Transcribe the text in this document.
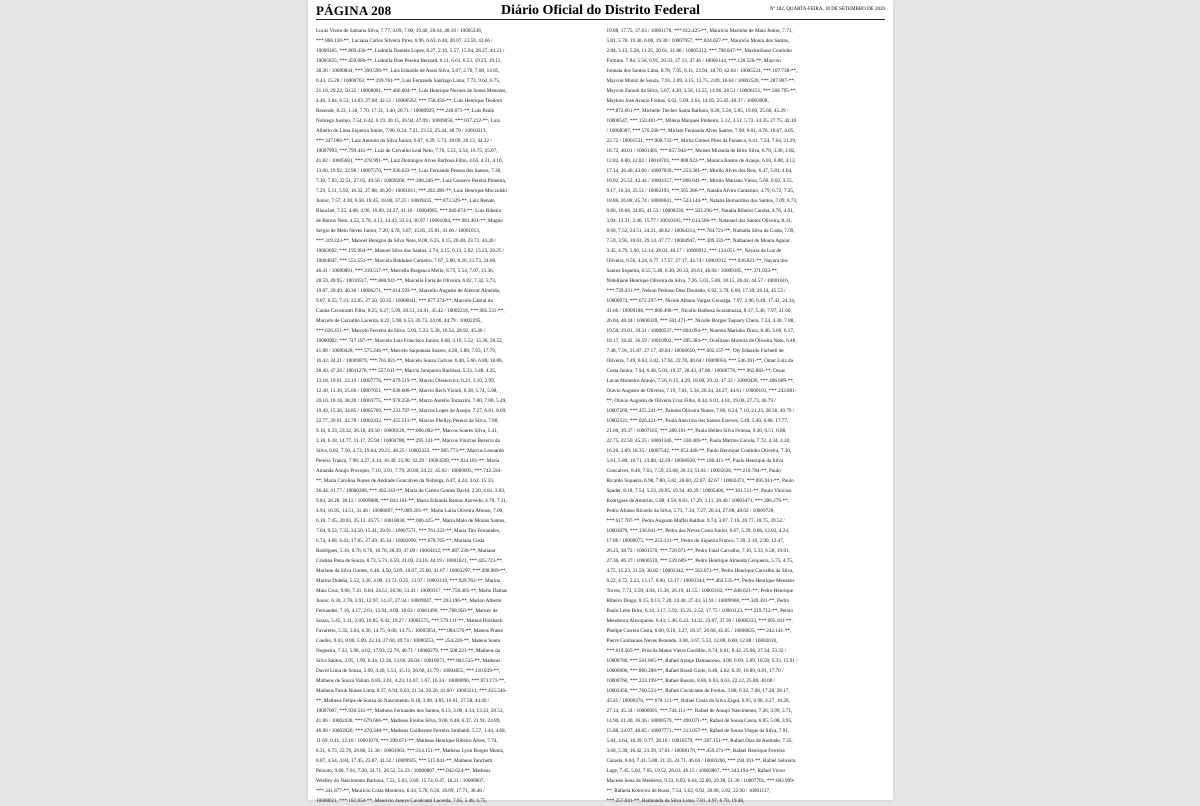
PÁGINA 208	Diário Oficial do Distrito Federal	Nº 182, QUARTA-FEIRA, 30 DE SETEMBRO DE 2020
Lucas Vieira de Santana Silva, 7.77, 4.69, 7.00, 19.46, 28.64, 48.10 / 10005338,
***.868.130-**, Luciana Carlos Silveira Pires, 6.96, 6.63, 6.48, 20.07, 23.59, 43.66 /
10008265, ***.869.436-**, Ludmila Daniele Lopes, 8.27, 2.10, 5.57, 15.94, 28.27, 44.21 /
10005825, ***.459.086-**, Ludmila Dias Pereira Bernard, 6.11, 6.61, 6.53, 19.25, 19.11,
38.36 / 10000834, ***.390.596-**, Luis Eduardo de Assis Silva, 5.07, 2.70, 7.08, 14.85,
0.43, 15.28 / 10000763, ***.399.761-**, Luis Fernando Santiago Lima, 7.73, 9.62, 6.75,
21.10, 29.22, 50.32 / 10008001, ***.466.004-**, Luis Henrique Novaes de Sousa Menezes,
4.46, 3.84, 6.53, 14.83, 27.68, 42.51 / 10006562, ***.758.456-**, Luis Henrique Teodoro
Rezende, 8.23, 1.38, 7.70, 17.31, 3.40, 20.71 / 10000929, ***.240.671-**, Luis Paulo
Nobrega Justino, 7.54, 6.42, 6.19, 20.15, 26.94, 47.09 / 10009058, ***.037.212-**, Luiz
Alberto de Lima Siqueira Junior, 7.90, 8.24, 7.21, 23.35, 25.44, 48.79 / 10010313,
***.347.086-**, Luiz Antonio da Silva Junior, 6.07, 6.29, 5.73, 18.09, 26.13, 44.22 /
10007993, ***.799.441-**, Luiz de Carvalho Leal Neto, 7.70, 5.51, 3.54, 16.75, 25.07,
41.82 / 10005681, ***.478.991-**, Luiz Domingos Alves Barbosa Filho, 4.65, 4.31, 4.10,
13.06, 19.92, 32.98 / 10007570, ***.936.622-**, Luiz Fernando Pessoa dos Santos, 7.38,
7.30, 7.83, 22.51, 27.05, 49.56 / 10009260, ***.208.246-**, Luiz Gustavo Pereira Pimenta,
7.29, 5.11, 5.92, 18.32, 27.88, 46.20 / 10001811, ***.202.490-**, Luiz Henrique Moczulski
Junior, 7.57, 4.30, 6.58, 18.45, 18.80, 37.25 / 10009435, ***.873.329-**, Luiz Renato
Blanchet, 7.25, 4.68, 4.96, 16.89, 24.27, 41.16 / 10004905, ***.940.874-**, Luiz Ribeiro
de Barros Neto, 4.52, 5.78, 4.13, 14.43, 22.54, 36.97 / 10001084, ***.981.401-**, Magno
Sergio de Melo Neves Junior, 7.20, 4.78, 3.87, 15.85, 25.81, 41.66 / 10001013,
***.319.223-**, Manoel Benigno da Silva Neto, 8.08, 6.25, 6.15, 20.48, 23.72, 44.20 /
10003692, ***.195.904-**, Manoel Silva dos Santos, 2.74, 2.15, 0.13, 5.02, 15.23, 20.25 /
10004047, ***.551.551-**, Marcela Balduino Carneiro, 7.67, 5.80, 8.26, 21.73, 24.68,
46.41 / 10000891, ***.310.517-**, Marcella Braganca Mello, 8.75, 5.54, 7.07, 21.36,
28.59, 49.95 / 10010517, ***.800.941-**, Marcello Faria de Oliveira, 6.82, 7.32, 5.73,
19.87, 20.49, 40.36 / 10006271, ***.614.593-**, Marcello Augusto de Alencar Almeida,
9.07, 6.55, 7.23, 22.85, 27.50, 50.35 / 10006641, ***.877.374-**, Marcelo Cabral da
Cunha Cavalcanti Filho, 8.25, 6.27, 5.99, 20.51, 24.91, 45.42 / 10002218, ***.985.531-**,
Marcelo de Carvalho Lacerda, 8.22, 5.98, 6.53, 20.73, 24.06, 44.79 / 10002295,
***.626.451-**, Marcelo Ferreira da Silva, 5.93, 5.23, 5.38, 16.54, 28.92, 45.46 /
10000902, ***.747.187-**, Marcelo Luis Francisco Junior, 6.68, 3.16, 5.52, 15.36, 26.52,
41.88 / 10000428, ***.575.246-**, Marcelo Saquanaia Soares, 4.28, 5.88, 7.63, 17.79,
16.42, 34.21 / 10009879, ***.761.821-**, Marcelo Souza Galvao, 6.40, 5.66, 6.80, 18.86,
28.40, 47.26 / 10011270, ***.557.611-**, Marcio Junqueira Buritisal, 5.33, 3.48, 4.35,
13.18, 10.01, 23.19 / 10007776, ***.679.519-**, Marcio Oleskovicz, 6.21, 3.10, 2.99,
12.30, 13.36, 25.66 / 10007051, ***.038.600-**, Marcio Rech Vizioli, 8.38, 5.74, 5.98,
20.10, 18.18, 38.28 / 10003775, ***.978.258-**, Marco Aurelio Tomazini, 7.00, 7.00, 5.49,
19.49, 15.36, 34.85 / 10005709, ***.233.797-**, Marcos Lopes de Araujo, 7.27, 6.81, 8.69,
22.77, 20.01, 42.78 / 10002432, ***.455.511-**, Marcos Phellyp Pereira da Silva, 7.80,
9.10, 6.33, 23.32, 26.18, 49.50 / 10000120, ***.006.082-**, Marcos Soares Silva, 5.41,
3.18, 6.18, 14.77, 11.17, 25.94 / 10004788, ***.295.141-**, Marcos Vinicius Bezerra da
Silva, 6.82, 7.50, 4.72, 19.04, 29.21, 48.25 / 10003323, ***.985.773-**, Marcus Leonardo
Pereira Tranca, 7.98, 4.27, 4.14, 16.39, 25.90, 42.29 / 10003509, ***.834.181-**, Maria
Amanda Araujo Procopio, 7.10, 3.91, 7.79, 20.80, 24.22, 45.02 / 10009695, ***.742.594-
**, Maria Carolina Nunes de Andrade Goncalves da Nobrega, 6.47, 4.24, 4.62, 15.33,
26.44, 41.77 / 10000288, ***.402.343-**, Maria do Carmo Gomes David, 2.20, 4.81, 2.83,
9.84, 28.28, 38.12 / 10009080, ***.843.101-**, Maria Eduarda Ramos Azevedo, 4.70, 7.31,
4.94, 16.95, 14.51, 31.46 / 10008687, ***.089.201-**, Maria Luisa Oliveira Afonso, 7.00,
6.18, 7.45, 20.63, 25.12, 45.75 / 10010838, ***.006.425-**, Maria Malu de Morais Santos,
7.64, 9.53, 7.33, 24.50, 15.41, 39.91 / 10007571, ***.761.322-**, Maria Tito Fernandes,
6.74, 4.68, 6.43, 17.85, 27.49, 45.34 / 10002096, ***.678.765-**, Mariana Costa
Rodrigues, 5.16, 6.76, 6.78, 18.70, 28.39, 47.09 / 10004412, ***.887.236-**, Mariane
Cristina Pena de Souza, 8.73, 5.71, 6.59, 21.03, 23.16, 44.19 / 10001621, ***.425.723-**,
Mariane da Silva Gomes, 6.48, 4.50, 5.09, 16.07, 25.60, 41.67 / 10003297, ***.498.969-**,
Marina Duleba, 5.52, 3.30, 4.90, 13.72, 0.25, 13.97 / 10003119, ***.929.762-**, Marina
Maia Cruz, 9.06, 7.41, 8.04, 24.51, 26.90, 51.41 / 10009317, ***.758.405-**, Mario Damas
Junior, 6.30, 2.76, 3.91, 12.97, 14.37, 27.34 / 10009947, ***.393.196-**, Marlon Alberto
Fernandes, 7.16, 4.17, 2.61, 13.94, 4.69, 18.63 / 10001490, ***.788.950-**, Marney de
Souza, 5.45, 3.31, 2.09, 10.85, 8.42, 19.27 / 10001575, ***.579.111-**, Mateus Holsbach
Favaretto, 5.35, 3.04, 6.36, 14.75, 0.00, 14.75 / 10005854, ***.084.576-**, Mateus Prates
Coelho, 9.03, 8.00, 5.09, 22.14, 27.60, 49.74 / 10000253, ***.254.226-**, Mateus Souto
Nogueira, 7.33, 5.98, 4.62, 17.93, 22.78, 40.71 / 10000279, ***.508.221-**, Matheus da
Silva Santos, 3.95, 1.99, 6.44, 12.38, 13.66, 26.04 / 10010671, ***.802.535-**, Matheus
David Lima de Souza, 5.09, 4.49, 5.53, 15.11, 26.68, 41.79 / 10004055, ***.110.839-**,
Matheus de Souza Valiati, 6.83, 3.61, 4.23, 14.67, 1.67, 16.34 / 10000090, ***.873.171-**,
Matheus Faruk Nunes Lima, 8.37, 6.94, 6.03, 21.34, 20.26, 41.60 / 10003211, ***.415.546-
**, Matheus Felipe de Souza do Nascimento, 8.18, 3.90, 4.83, 16.91, 27.58, 44.49 /
10007007, ***.930.541-**, Matheus Fernandes dos Santos, 6.13, 3.06, 4.14, 13.33, 28.53,
41.86 / 10002438, ***.679.666-**, Matheus Freitas Silva, 9.06, 6.48, 6.37, 21.91, 24.89,
46.80 / 10002020, ***.470.248-**, Matheus Guilherme Ferreira Smibaldi, 5.57, 1.44, 4.68,
11.69, 0.41, 12.10 / 10001070, ***.390.671-**, Matheus Henrique Ribeiro Alves, 7.74,
8.31, 6.73, 22.78, 28.80, 51.38 / 10001963, ***.314.151-**, Matheus Lyon Borges Muniz,
8.07, 4.54, 4.84, 17.45, 23.87, 41.32 / 10009925, ***.515.041-**, Matheus Tanchetti
Peixoto, 9.60, 7.81, 7.30, 24.71, 26.52, 51.23 / 10000887, ***.042.624-**, Matheus
Weslley do Nascimento Barbosa, 7.51, 5.63, 2.60, 15.74, 0.47, 16.21 / 10008007,
***.341.877-**, Mauricio Costa Monteiro, 6.34, 5.78, 6.56, 18.69, 17.71, 36.40 /
10008021, ***.182.854-**, Mauricio Janeys Cavalcanti Lacerda, 7.65, 5.48, 6.75,
19.88, 17.75, 37.63 / 10001178, ***.612.425-**, Mauricio Marinho de Maia Junior, 7.71,
5.81, 5.78, 19.30, 0.00, 19.30 / 10007957, ***.824.027-**, Mauricio Moura dos Santos,
2.84, 3.13, 5.28, 11.25, 20.61, 31.86 / 10005312, ***.798.847-**, Maximiliano Coutinho
Firmino, 7.84, 5.58, 6.91, 20.33, 27.13, 47.46 / 10006144, ***.128.526-**, Maycon
Jonnata dos Santos Lima, 8.78, 7.05, 8.11, 23.94, 18.70, 42.64 / 10005524, ***.107.738-**,
Maycon Muniz de Souza, 7.91, 2.69, 3.15, 13.75, 2.89, 16.64 / 10002520, ***.287.887-**,
Maycon Zanoni da Silva, 5.67, 4.30, 3.58, 13.55, 14.96, 28.51 / 10006151, ***.568.795-**,
Maykon Jose Araujo Freitas, 6.62, 5.69, 2.64, 14.95, 25.42, 40.37 / 10003008,
***.872.661-**, Michelle Tiecher Santa Barbara, 8.28, 5.56, 5.85, 19.69, 25.60, 45.29 /
10008547, ***.150.461-**, Milena Marques Pinheiro, 5.12, 3.51, 5.72, 14.35, 27.75, 42.10
/ 10008307, ***.570.566-**, Miriam Fernanda Alves Santos, 7.90, 6.01, 4.76, 18.67, 4.05,
22.72 / 10001531, ***.908.733-**, Mirna Gomes Pires da Fonseca, 6.41, 7.24, 7.64, 21.29,
18.72, 40.01 / 10001401, ***.857.944-**, Moises Miranda de Brito Silva, 6.70, 3.30, 2.82,
12.82, 0.00, 12.82 / 10010703, ***.888.922-**, Monica Bastos de Araujo, 6.93, 6.08, 4.13,
17.14, 26.46, 43.60 / 10007039, ***.253.381-**, Murilo Alves dos Reis, 6.47, 5.81, 4.64,
16.92, 25.52, 42.44 / 10004157, ***.860.641-**, Murilo Mariano Vieira, 5.60, 0.02, 3.55,
9.17, 16.34, 25.51 / 10002193, ***.565.366-**, Natalia Alvim Cantarino, 4.79, 6.72, 7.35,
18.86, 26.88, 45.74 / 10008641, ***.523.144-**, Natalia Bernardino dos Santos, 7.09, 8.73,
0.86, 16.68, 24.85, 41.53 / 10000336, ***.583.296-**, Natalia Ribeiro Caroba, 4.76, 4.61,
3.94, 13.31, 2.46, 15.77 / 10010185, ***.614.566-**, Natanael dos Santos Oliveira, 8.31,
8.68, 7.52, 24.51, 24.31, 48.82 / 10004314, ***.784.721-**, Nathalia Silva da Costa, 7.09,
7.59, 3.95, 18.63, 29.14, 47.77 / 10004947, ***.309.333-**, Nathaniel de Moura Aguiar,
3.45, 4.79, 3.90, 12.14, 28.03, 40.17 / 10000912, ***.134.051-**, Nayara da Luz de
Oliveira, 6.56, 4.24, 6.77, 17.57, 27.17, 44.74 / 10001912, ***.936.821-**, Nayara dos
Santos Siqueira, 8.55, 5.48, 6.30, 20.33, 26.61, 46.94 / 10009185, ***.371.933-**,
Nidelliane Henrique Oliveira da Silva, 7.26, 5.03, 5.86, 18.15, 26.42, 44.57 / 10001616,
***.739.431-**, Nelson Pedroso Dias Dourado, 6.92, 3.79, 6.68, 17.39, 28.14, 45.53 /
10006974, ***.672.297-**, Nicole Albano Vargas Gonzaga, 7.97, 2.96, 6.49, 17.42, 24.24,
41.66 / 10009188, ***.806.498-**, Nicollo Barbosa Scaramuzza, 8.17, 5.46, 7.97, 21.60,
26.84, 48.44 / 10000328, ***.501.471-**, Nicolle Borges Taquary Chein, 7.24, 4.38, 7.88,
19.50, 19.81, 39.31 / 10000537, ***.804.094-**, Noemia Marinho Diniz, 8.40, 3.60, 6.17,
18.17, 18.42, 36.59 / 10010902, ***.495.384-**, Ocelliano Moreira de Oliveira Neto, 6.48,
7.48, 7.91, 21.87, 27.17, 49.04 / 10006650, ***.602.157-**, Oly Eduardo Fachetti de
Oliveira, 7.49, 6.63, 3.82, 17.94, 22.70, 40.64 / 10009056, ***.546.391-**, Omar Luiz da
Costa Junior, 7.94, 6.40, 5.03, 19.37, 28.43, 47.80 / 10006778, ***.062.883-**, Oscar
Lucas Monteiro Araujo, 7.56, 6.15, 4.29, 18.00, 29.32, 47.32 / 10000426, ***.406.689-**,
Otavio Augusto de Oliveira, 7.19, 7.81, 5.34, 20.34, 24.27, 44.61 / 10000101, ***.243.801-
**, Otavio Augusto de Oliveira Cruz Filho, 8.44, 6.01, 4.61, 19.06, 27.73, 46.79 /
10007269, ***.455.241-**, Paloma Oliveira Nunes, 7.89, 6.24, 7.10, 21.23, 28.56, 49.79 /
10002521, ***.026.421-**, Paula Anecrina dos Santos Esteves, 5.49, 5.40, 6.88, 17.77,
21.60, 39.37 / 10007165, ***.380.181-**, Paula Hellen Silva Feitosa, 9.36, 6.51, 6.88,
22.75, 22.50, 45.25 / 10001346, ***.338.469-**, Paula Martins Cacola, 7.72, 4.34, 4.20,
16.26, 2.09, 18.35 / 10007542, ***.052.446-**, Paulo Henrique Coutinho Oliveira, 7.30,
5.61, 5.80, 18.71, 23.88, 42.59 / 10006928, ***.186.411-**, Paulo Henrique da Silva
Goncalves, 8.46, 7.63, 7.59, 23.68, 28.13, 51.81 / 10005636, ***.210.784-**, Paulo
Ricardo Siqueira, 6.98, 7.80, 5.82, 20.60, 22.07, 42.67 / 10002473, ***.095.911-**, Paulo
Spader, 8.18, 7.54, 5.23, 20.95, 19.34, 40.29 / 10005406, ***.101.511-**, Paulo Vinicius
Rodrigues de Amorim, 5.88, 4.58, 6.83, 17.29, 3.11, 20.40 / 10003471, ***.396.276-**,
Pedro Afonso Ricardo da Silva, 5.73, 7.34, 7.27, 20.34, 27.68, 48.02 / 10009728,
***.617.707-**, Pedro Augusto Maffei Balthar, 9.74, 3.87, 7.16, 20.77, 18.75, 39.52 /
10003079, ***.136.041-**, Pedro das Neves Costa Junior, 6.67, 5.29, 0.86, 12.82, 4.24,
17.06 / 10000075, ***.253.131-**, Pedro de Siqueira Franco, 7.39, 2.18, 2.90, 12.47,
26.25, 38.72 / 10001570, ***.728.071-**, Pedro Faial Carvalho, 7.10, 5.33, 6.58, 19.01,
27.36, 46.37 / 10000510, ***.539.689-**, Pedro Henrique Almeida Cerqueira, 5.73, 4.75,
4.75, 15.23, 21.59, 36.82 / 10001342, ***.563.071-**, Pedro Henrique Carvalho da Silva,
6.22, 4.72, 2.23, 13.17, 0.00, 13.17 / 10003344, ***.462.535-**, Pedro Henrique Menezes
Torres, 7.73, 3.59, 4.04, 15.36, 26.19, 41.55 / 10003162, ***.848.621-**, Pedro Henrique
Ribeiro Diogo, 8.15, 9.13, 7.20, 24.48, 27.43, 51.91 / 10009968, ***.349.381-**, Pedro
Paulo Leite Brito, 6.14, 3.17, 5.92, 15.23, 2.52, 17.75 / 10001123, ***.219.712-**, Persio
Mendonca Alexopulos, 6.43, 1.46, 6.43, 14.32, 23.07, 37.39 / 10006333, ***.095.181-**,
Phelipe Correia Costa, 6.00, 9.10, 3.27, 18.37, 26.68, 45.05 / 10008825, ***.242.141-**,
Pierre Guimaraes Neves Rezende, 3.68, 3.67, 5.53, 12.88, 0.00, 12.88 / 10002610,
***.619.565-**, Priscila Matos Vieira Gordilho, 8.74, 8.81, 8.43, 25.98, 27.34, 53.32 /
10008786, ***.501.065-**, Rafael Araujo Damasceno, 4.00, 0.69, 5.89, 10.58, 5.33, 15.91 /
10000606, ***.860.288-**, Rafael Brasil Giolo, 6.48, 4.02, 6.39, 16.89, 0.81, 17.70 /
10000760, ***.223.199-**, Rafael Busato, 8.86, 6.63, 6.63, 22.12, 25.88, 48.00 /
10002458, ***.760.533-**, Rafael Cavalcante de Freitas, 3.88, 6.32, 7.08, 17.28, 28.17,
45.45 / 10000376, ***.678.121-**, Rafael Costa da Silva Zagui, 6.95, 6.98, 4.27, 18.20,
27.14, 45.34 / 10006091, ***.744.111-**, Rafael de Araujo Nascimento, 7.26, 3.99, 3.71,
14.96, 21.40, 36.36 / 10000579, ***.490.071-**, Rafael de Sousa Costa, 6.85, 5.08, 3.95,
15.88, 24.97, 40.85 / 10007771, ***.313.057-**, Rafael de Sousa Vargas da Silva, 7.91,
5.84, 4.64, 18.39, 9.77, 28.16 / 10010579, ***.387.151-**, Rafael Dias de Andrade, 7.35,
3.68, 5.39, 16.42, 21.39, 37.81 / 10008176, ***.459.271-**, Rafael Henrique Ferreira
Caixeta, 8.04, 7.41, 5.88, 21.33, 24.71, 46.04 / 10003200, ***.194.101-**, Rafael Sobreira
Lage, 7.45, 5.02, 7.05, 19.52, 26.63, 46.15 / 10003867, ***.343.194-**, Rafael Victor
Macedo Sena de Medeiros, 9.33, 6.03, 6.64, 22.00, 29.38, 51.30 / 10007701, ***.683.999-
**, Rafaela Kotovicz de Rossi, 7.54, 5.62, 6.92, 20.08, 2.82, 22.90 / 10001117,
***.257.041-**, Raimunda da Silva Lima, 7.81, 4.97, 6.70, 19.48,
